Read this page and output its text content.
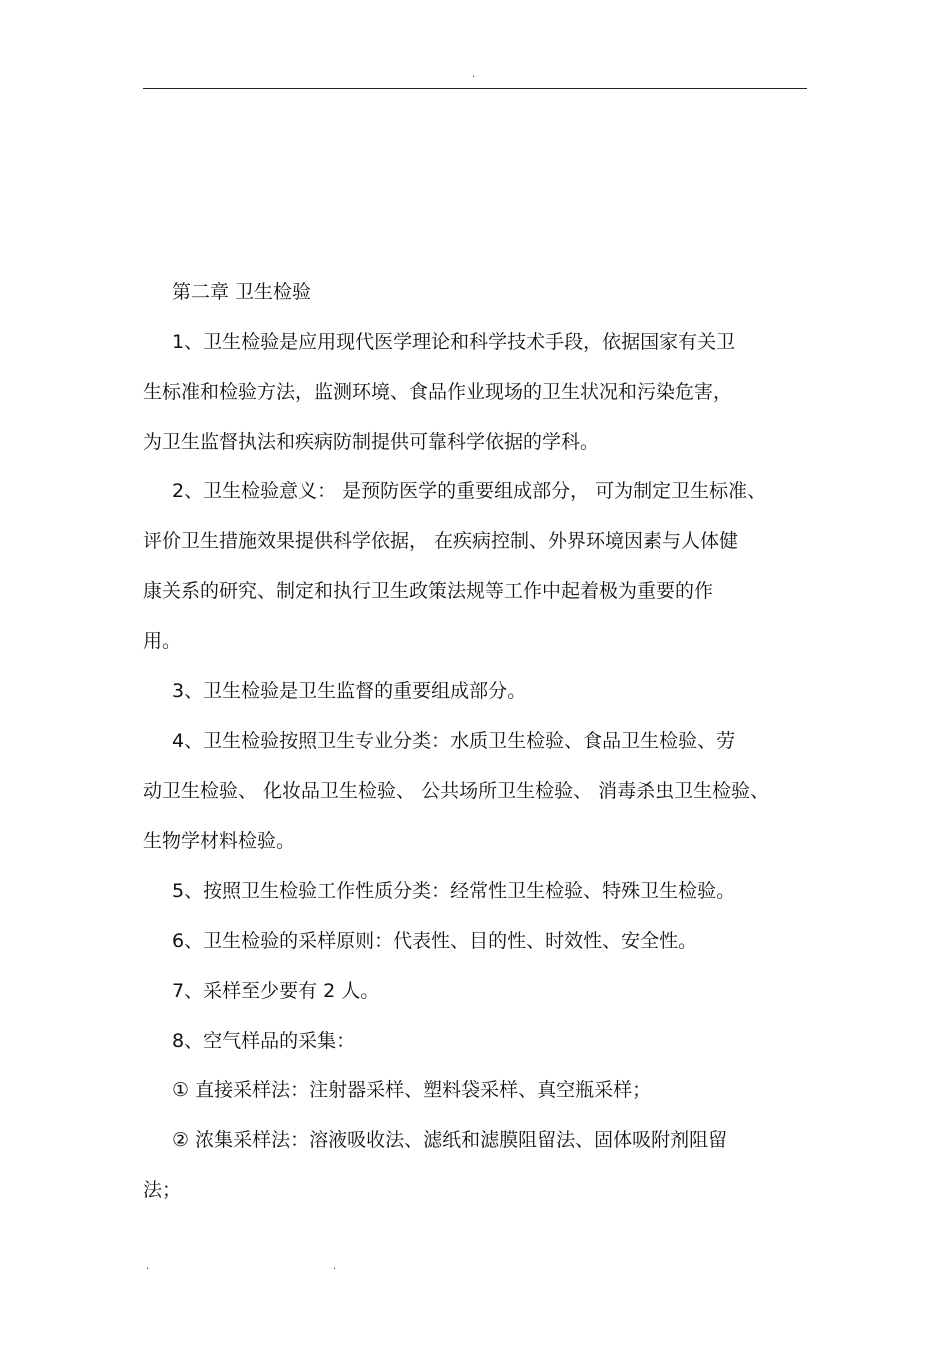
.
第二章 卫生检验
1、卫生检验是应用现代医学理论和科学技术手段，依据国家有关卫
生标准和检验方法，监测环境、食品作业现场的卫生状况和污染危害，
为卫生监督执法和疾病防制提供可靠科学依据的学科。
2、卫生检验意义： 是预防医学的重要组成部分， 可为制定卫生标准、
评价卫生措施效果提供科学依据， 在疾病控制、外界环境因素与人体健
康关系的研究、制定和执行卫生政策法规等工作中起着极为重要的作
用。
3、卫生检验是卫生监督的重要组成部分。
4、卫生检验按照卫生专业分类：水质卫生检验、食品卫生检验、劳
动卫生检验、 化妆品卫生检验、 公共场所卫生检验、 消毒杀虫卫生检验、
生物学材料检验。
5、按照卫生检验工作性质分类：经常性卫生检验、特殊卫生检验。
6、卫生检验的采样原则：代表性、目的性、时效性、安全性。
7、采样至少要有 2 人。
8、空气样品的采集：
① 直接采样法：注射器采样、塑料袋采样、真空瓶采样；
② 浓集采样法：溶液吸收法、滤纸和滤膜阻留法、固体吸附剂阻留
法；
.	.
